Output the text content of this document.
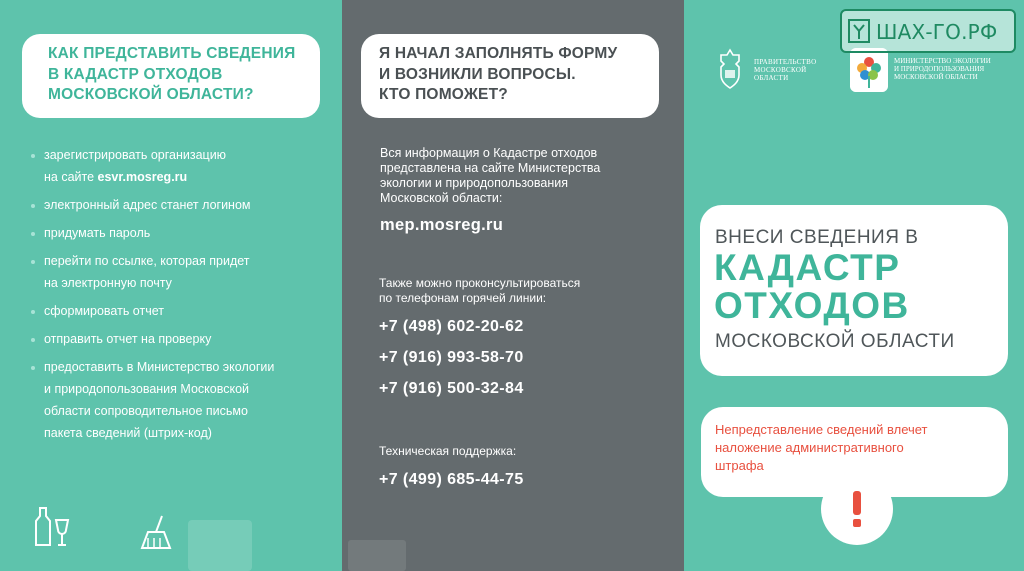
КАК ПРЕДСТАВИТЬ СВЕДЕНИЯ
В КАДАСТР ОТХОДОВ
МОСКОВСКОЙ ОБЛАСТИ?
зарегистрировать организацию
на сайте esvr.mosreg.ru
электронный адрес станет логином
придумать пароль
перейти по ссылке, которая придет
на электронную почту
сформировать отчет
отправить отчет на проверку
предоставить в Министерство экологии
и природопользования Московской
области сопроводительное письмо
пакета сведений (штрих-код)
Я НАЧАЛ ЗАПОЛНЯТЬ ФОРМУ
И ВОЗНИКЛИ ВОПРОСЫ.
КТО ПОМОЖЕТ?
Вся информация о Кадастре отходов
представлена на сайте Министерства
экологии и природопользования
Московской области:
mep.mosreg.ru
Также можно проконсультироваться
по телефонам горячей линии:
+7 (498) 602-20-62
+7 (916) 993-58-70
+7 (916) 500-32-84
Техническая поддержка:
+7 (499) 685-44-75
ПРАВИТЕЛЬСТВО
МОСКОВСКОЙ
ОБЛАСТИ
МИНИСТЕРСТВО ЭКОЛОГИИ
И ПРИРОДОПОЛЬЗОВАНИЯ
МОСКОВСКОЙ ОБЛАСТИ
ШАХ-ГО.РФ
ВНЕСИ СВЕДЕНИЯ В
КАДАСТР
ОТХОДОВ
МОСКОВСКОЙ ОБЛАСТИ
Непредставление сведений влечет
наложение административного
штрафа
